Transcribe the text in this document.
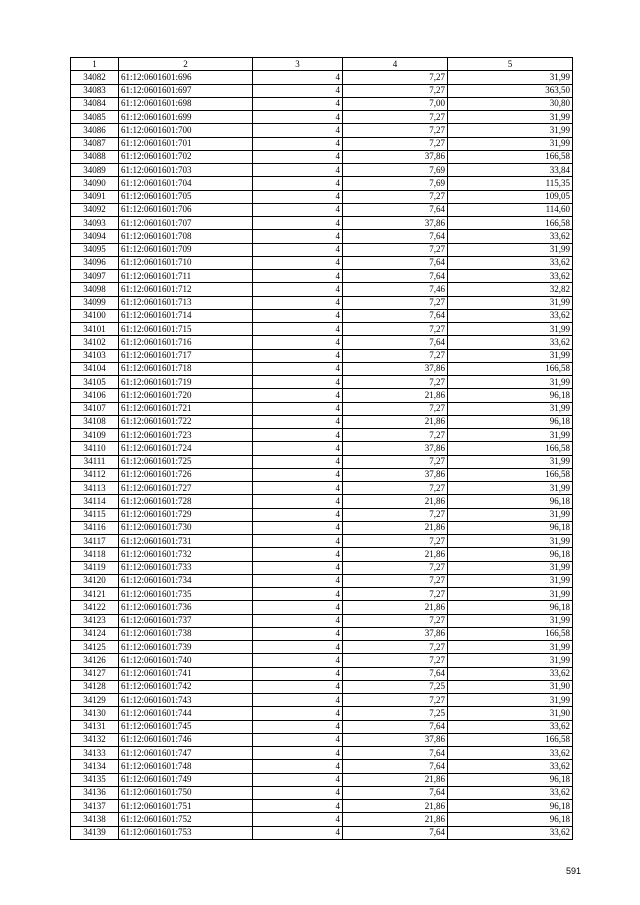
1	2	3	4	5
34082	61:12:0601601:696	4	7,27	31,99
34083	61:12:0601601:697	4	7,27	363,50
34084	61:12:0601601:698	4	7,00	30,80
34085	61:12:0601601:699	4	7,27	31,99
34086	61:12:0601601:700	4	7,27	31,99
34087	61:12:0601601:701	4	7,27	31,99
34088	61:12:0601601:702	4	37,86	166,58
34089	61:12:0601601:703	4	7,69	33,84
34090	61:12:0601601:704	4	7,69	115,35
34091	61:12:0601601:705	4	7,27	109,05
34092	61:12:0601601:706	4	7,64	114,60
34093	61:12:0601601:707	4	37,86	166,58
34094	61:12:0601601:708	4	7,64	33,62
34095	61:12:0601601:709	4	7,27	31,99
34096	61:12:0601601:710	4	7,64	33,62
34097	61:12:0601601:711	4	7,64	33,62
34098	61:12:0601601:712	4	7,46	32,82
34099	61:12:0601601:713	4	7,27	31,99
34100	61:12:0601601:714	4	7,64	33,62
34101	61:12:0601601:715	4	7,27	31,99
34102	61:12:0601601:716	4	7,64	33,62
34103	61:12:0601601:717	4	7,27	31,99
34104	61:12:0601601:718	4	37,86	166,58
34105	61:12:0601601:719	4	7,27	31,99
34106	61:12:0601601:720	4	21,86	96,18
34107	61:12:0601601:721	4	7,27	31,99
34108	61:12:0601601:722	4	21,86	96,18
34109	61:12:0601601:723	4	7,27	31,99
34110	61:12:0601601:724	4	37,86	166,58
34111	61:12:0601601:725	4	7,27	31,99
34112	61:12:0601601:726	4	37,86	166,58
34113	61:12:0601601:727	4	7,27	31,99
34114	61:12:0601601:728	4	21,86	96,18
34115	61:12:0601601:729	4	7,27	31,99
34116	61:12:0601601:730	4	21,86	96,18
34117	61:12:0601601:731	4	7,27	31,99
34118	61:12:0601601:732	4	21,86	96,18
34119	61:12:0601601:733	4	7,27	31,99
34120	61:12:0601601:734	4	7,27	31,99
34121	61:12:0601601:735	4	7,27	31,99
34122	61:12:0601601:736	4	21,86	96,18
34123	61:12:0601601:737	4	7,27	31,99
34124	61:12:0601601:738	4	37,86	166,58
34125	61:12:0601601:739	4	7,27	31,99
34126	61:12:0601601:740	4	7,27	31,99
34127	61:12:0601601:741	4	7,64	33,62
34128	61:12:0601601:742	4	7,25	31,90
34129	61:12:0601601:743	4	7,27	31,99
34130	61:12:0601601:744	4	7,25	31,90
34131	61:12:0601601:745	4	7,64	33,62
34132	61:12:0601601:746	4	37,86	166,58
34133	61:12:0601601:747	4	7,64	33,62
34134	61:12:0601601:748	4	7,64	33,62
34135	61:12:0601601:749	4	21,86	96,18
34136	61:12:0601601:750	4	7,64	33,62
34137	61:12:0601601:751	4	21,86	96,18
34138	61:12:0601601:752	4	21,86	96,18
34139	61:12:0601601:753	4	7,64	33,62
591
